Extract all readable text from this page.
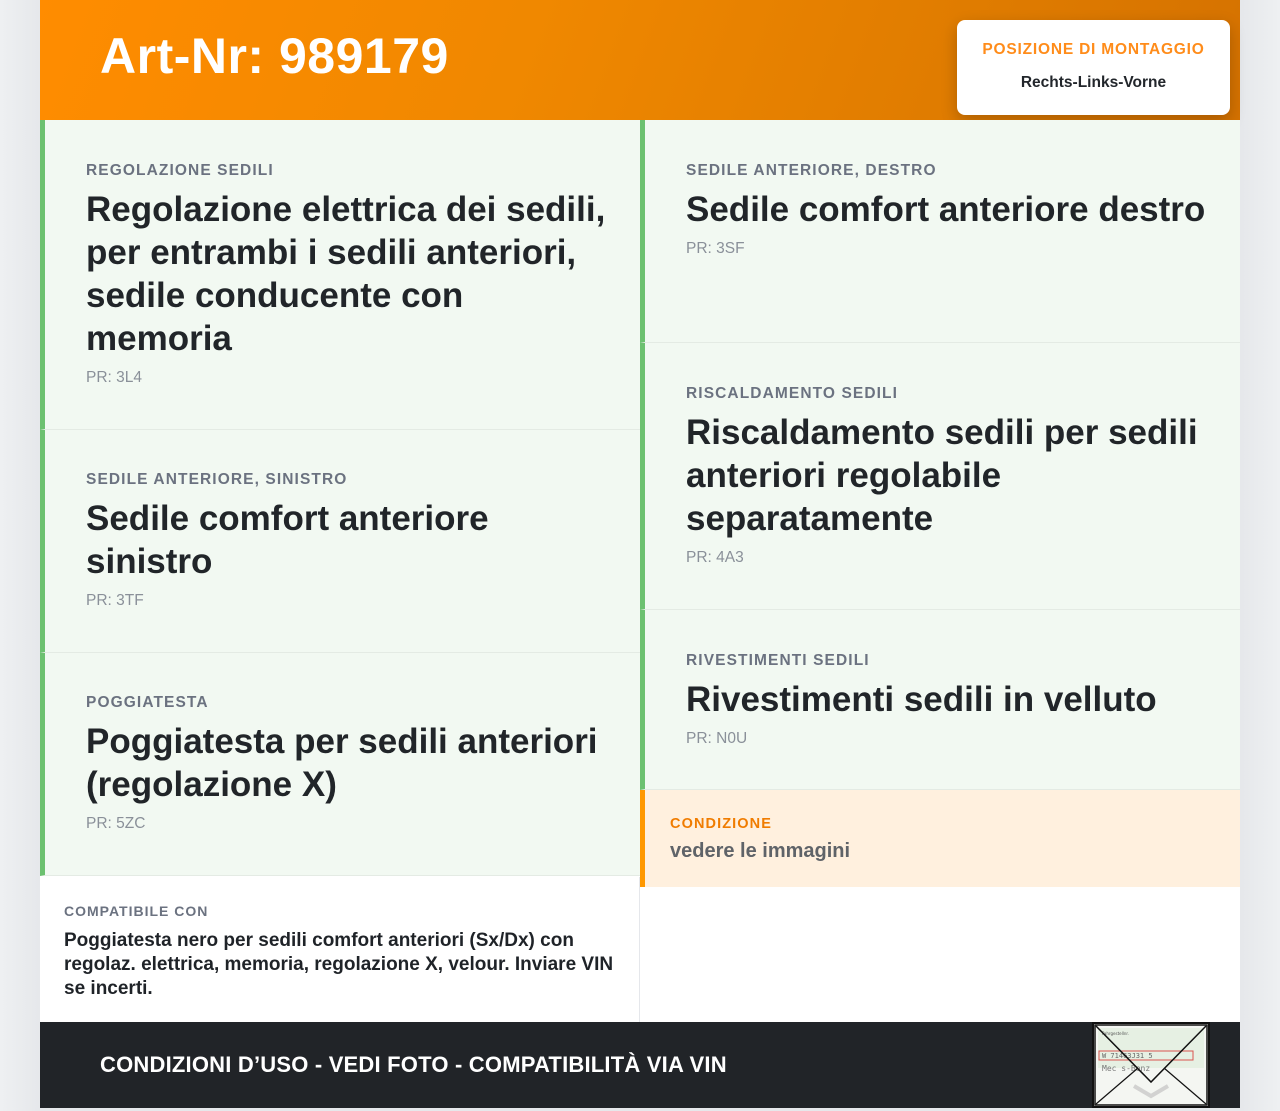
Art-Nr: 989179	POSIZIONE DI MONTAGGIO
Rechts-Links-Vorne
REGOLAZIONE SEDILI
Regolazione elettrica dei sedili, per entrambi i sedili anteriori, sedile conducente con memoria
PR: 3L4
SEDILE ANTERIORE, SINISTRO
Sedile comfort anteriore sinistro
PR: 3TF
POGGIATESTA
Poggiatesta per sedili anteriori (regolazione X)
PR: 5ZC
SEDILE ANTERIORE, DESTRO
Sedile comfort anteriore destro
PR: 3SF
RISCALDAMENTO SEDILI
Riscaldamento sedili per sedili anteriori regolabile separatamente
PR: 4A3
RIVESTIMENTI SEDILI
Rivestimenti sedili in velluto
PR: N0U
CONDIZIONE
vedere le immagini
COMPATIBILE CON
Poggiatesta nero per sedili comfort anteriori (Sx/Dx) con regolaz. elettrica, memoria, regolazione X, velour. Inviare VIN se incerti.
CONDIZIONI D’USO - VEDI FOTO - COMPATIBILITÀ VIA VIN
Fahrgestellnr.
W 71463J31 5
Mec s-Benz
